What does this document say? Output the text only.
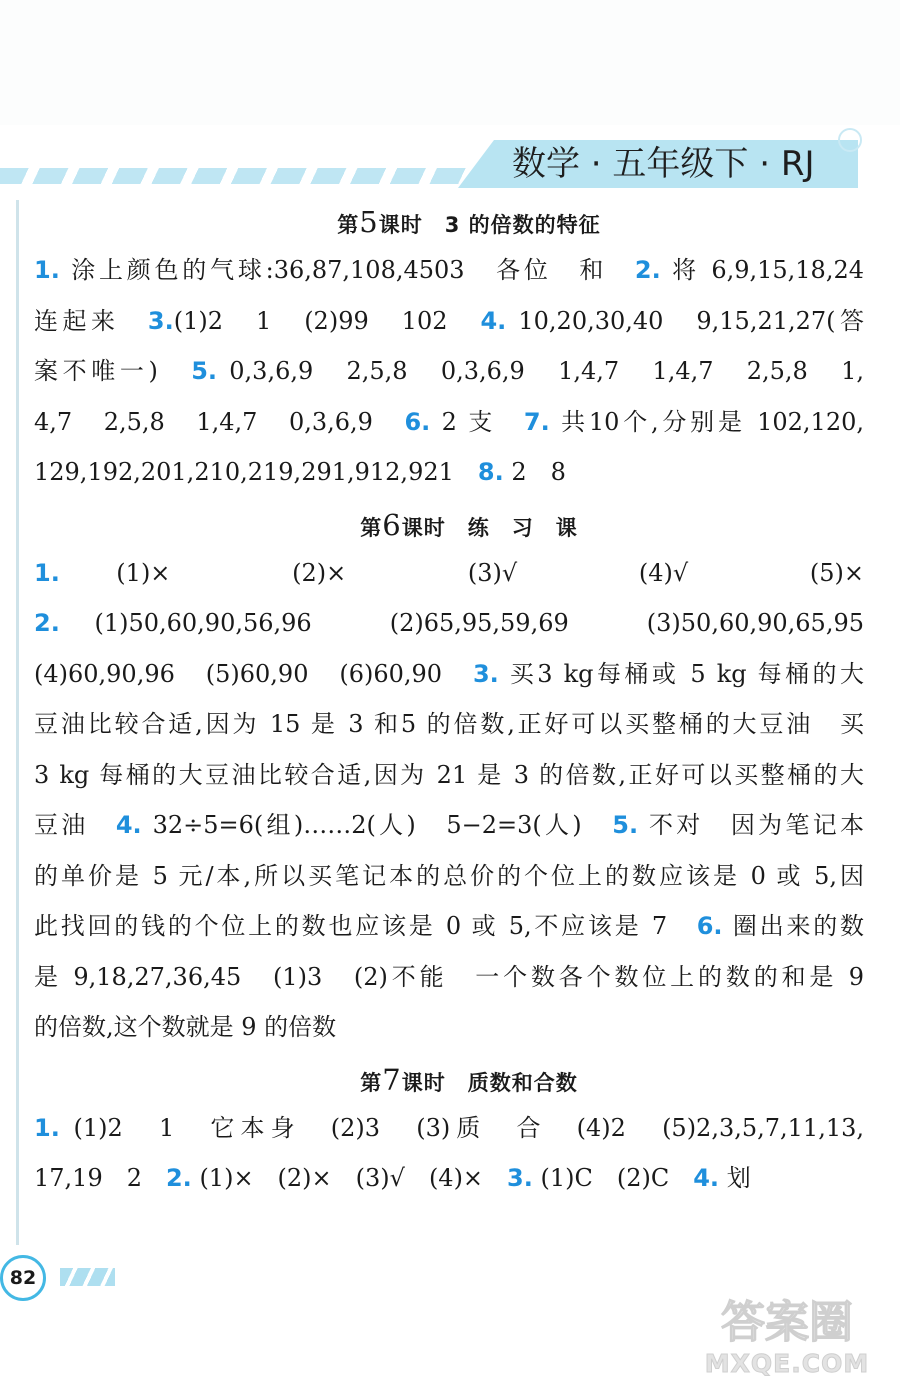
数学 · 五年级下 · RJ
第5课时　3 的倍数的特征

1. 涂上颜色的气球:36,87,108,4503　各位　和　2. 将 6,9,15,18,24

连起来　3.(1)2　1　(2)99　102　4. 10,20,30,40　9,15,21,27(答

案不唯一)　5. 0,3,6,9　2,5,8　0,3,6,9　1,4,7　1,4,7　2,5,8　1,

4,7　2,5,8　1,4,7　0,3,6,9　6. 2 支　7. 共10个,分别是 102,120,

129,192,201,210,219,291,912,921　8. 2　8

第6课时　练　习　课

1. (1)×　(2)×　(3)√　(4)√　(5)×

2. (1)50,60,90,56,96　(2)65,95,59,69　(3)50,60,90,65,95

(4)60,90,96　(5)60,90　(6)60,90　3. 买3 kg每桶或 5 kg 每桶的大

豆油比较合适,因为 15 是 3 和5 的倍数,正好可以买整桶的大豆油　买

3 kg 每桶的大豆油比较合适,因为 21 是 3 的倍数,正好可以买整桶的大

豆油　4. 32÷5=6(组)……2(人)　5−2=3(人)　5. 不对　因为笔记本

的单价是 5 元/本,所以买笔记本的总价的个位上的数应该是 0 或 5,因

此找回的钱的个位上的数也应该是 0 或 5,不应该是 7　6. 圈出来的数

是 9,18,27,36,45　(1)3　(2)不能　一个数各个数位上的数的和是 9

的倍数,这个数就是 9 的倍数

第7课时　质数和合数

1. (1)2　1　它本身　(2)3　(3)质　合　(4)2　(5)2,3,5,7,11,13,

17,19　2　2. (1)×　(2)×　(3)√　(4)×　3. (1)C　(2)C　4. 划

82
答案圈
MXQE.COM
